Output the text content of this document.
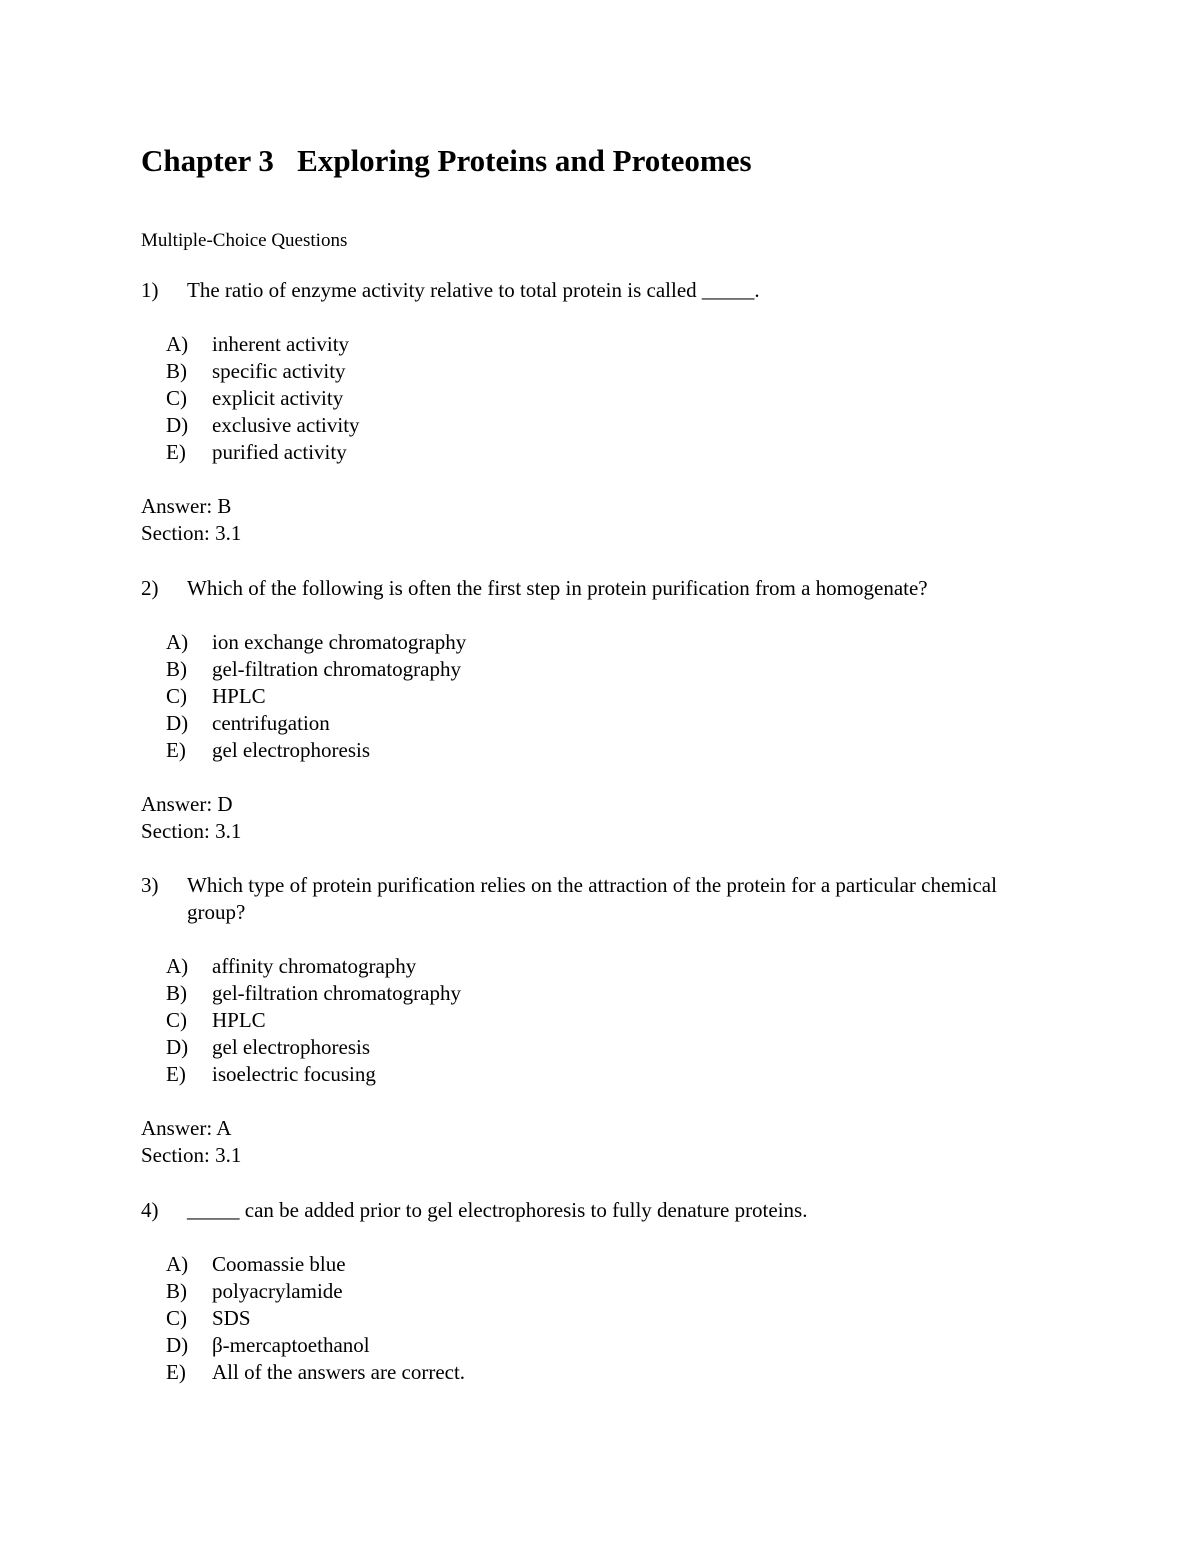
Chapter 3   Exploring Proteins and Proteomes

Multiple-Choice Questions

1)	The ratio of enzyme activity relative to total protein is called _____.
A)	inherent activity
B)	specific activity
C)	explicit activity
D)	exclusive activity
E)	purified activity
Answer: B
Section: 3.1
2)	Which of the following is often the first step in protein purification from a homogenate?
A)	ion exchange chromatography
B)	gel-filtration chromatography
C)	HPLC
D)	centrifugation
E)	gel electrophoresis
Answer: D
Section: 3.1
3)	Which type of protein purification relies on the attraction of the protein for a particular chemical group?
A)	affinity chromatography
B)	gel-filtration chromatography
C)	HPLC
D)	gel electrophoresis
E)	isoelectric focusing
Answer: A
Section: 3.1
4)	_____ can be added prior to gel electrophoresis to fully denature proteins.
A)	Coomassie blue
B)	polyacrylamide
C)	SDS
D)	β-mercaptoethanol
E)	All of the answers are correct.
